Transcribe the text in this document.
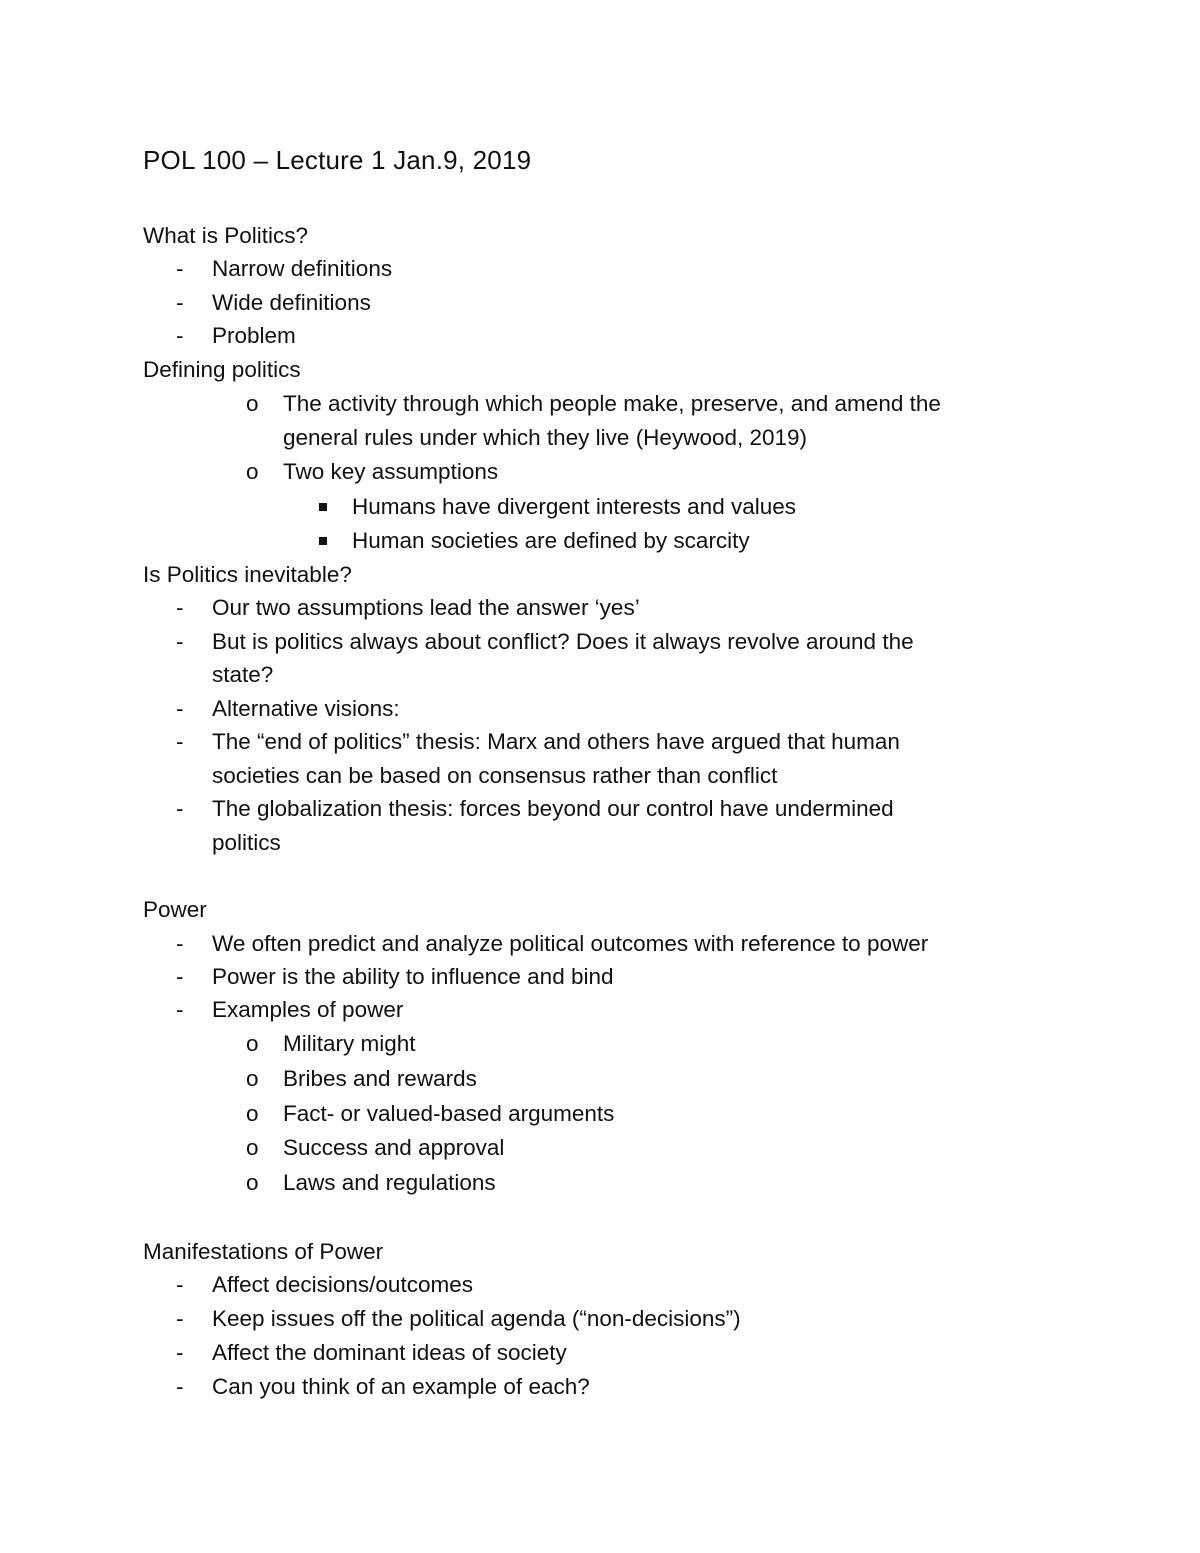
POL 100 – Lecture 1 Jan.9, 2019
What is Politics?
- Narrow definitions
- Wide definitions
- Problem
Defining politics
o The activity through which people make, preserve, and amend the
general rules under which they live (Heywood, 2019)
o Two key assumptions
Humans have divergent interests and values
Human societies are defined by scarcity
Is Politics inevitable?
- Our two assumptions lead the answer ‘yes’
- But is politics always about conflict? Does it always revolve around the
state?
- Alternative visions:
- The “end of politics” thesis: Marx and others have argued that human
societies can be based on consensus rather than conflict
- The globalization thesis: forces beyond our control have undermined
politics
Power
- We often predict and analyze political outcomes with reference to power
- Power is the ability to influence and bind
- Examples of power
o Military might
o Bribes and rewards
o Fact- or valued-based arguments
o Success and approval
o Laws and regulations
Manifestations of Power
- Affect decisions/outcomes
- Keep issues off the political agenda (“non-decisions”)
- Affect the dominant ideas of society
- Can you think of an example of each?
